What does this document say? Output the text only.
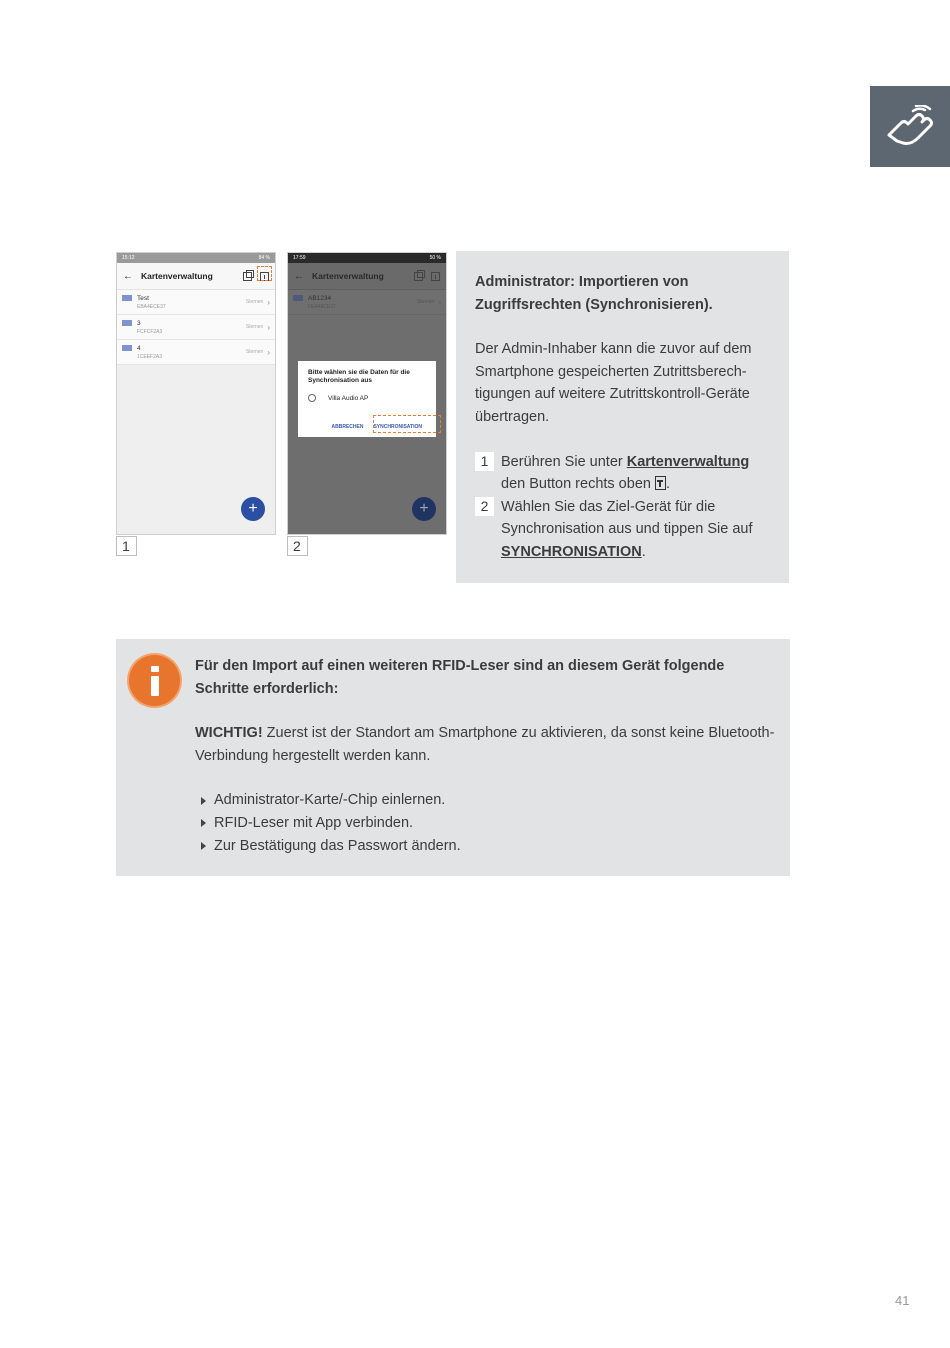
15:12	84 %
← Kartenverwaltung
Test
EBA4ECE37
Sternen ›
3
FCFCF2A3
Sternen ›
4
1CEEF2A3
Sternen ›
+
1
17:59	50 %
← Kartenverwaltung
AB1234
FE4A8CE37
Sternen ›
Bitte wählen sie die Daten für die Synchronisation aus
Villa Audio AP
ABBRECHEN SYNCHRONISATION
+
2
Administrator: Importieren von Zugriffsrechten (Synchronisieren).
Der Admin-Inhaber kann die zuvor auf dem Smartphone gespeicherten Zutrittsberech-tigungen auf weitere Zutrittskontroll-Geräte übertragen.
1 Berühren Sie unter Kartenverwaltung den Button rechts oben .
2 Wählen Sie das Ziel-Gerät für die Synchronisation aus und tippen Sie auf SYNCHRONISATION.
Für den Import auf einen weiteren RFID-Leser sind an diesem Gerät folgende Schritte erforderlich:
WICHTIG! Zuerst ist der Standort am Smartphone zu aktivieren, da sonst keine Bluetooth-Verbindung hergestellt werden kann.
Administrator-Karte/-Chip einlernen.
RFID-Leser mit App verbinden.
Zur Bestätigung das Passwort ändern.
41
